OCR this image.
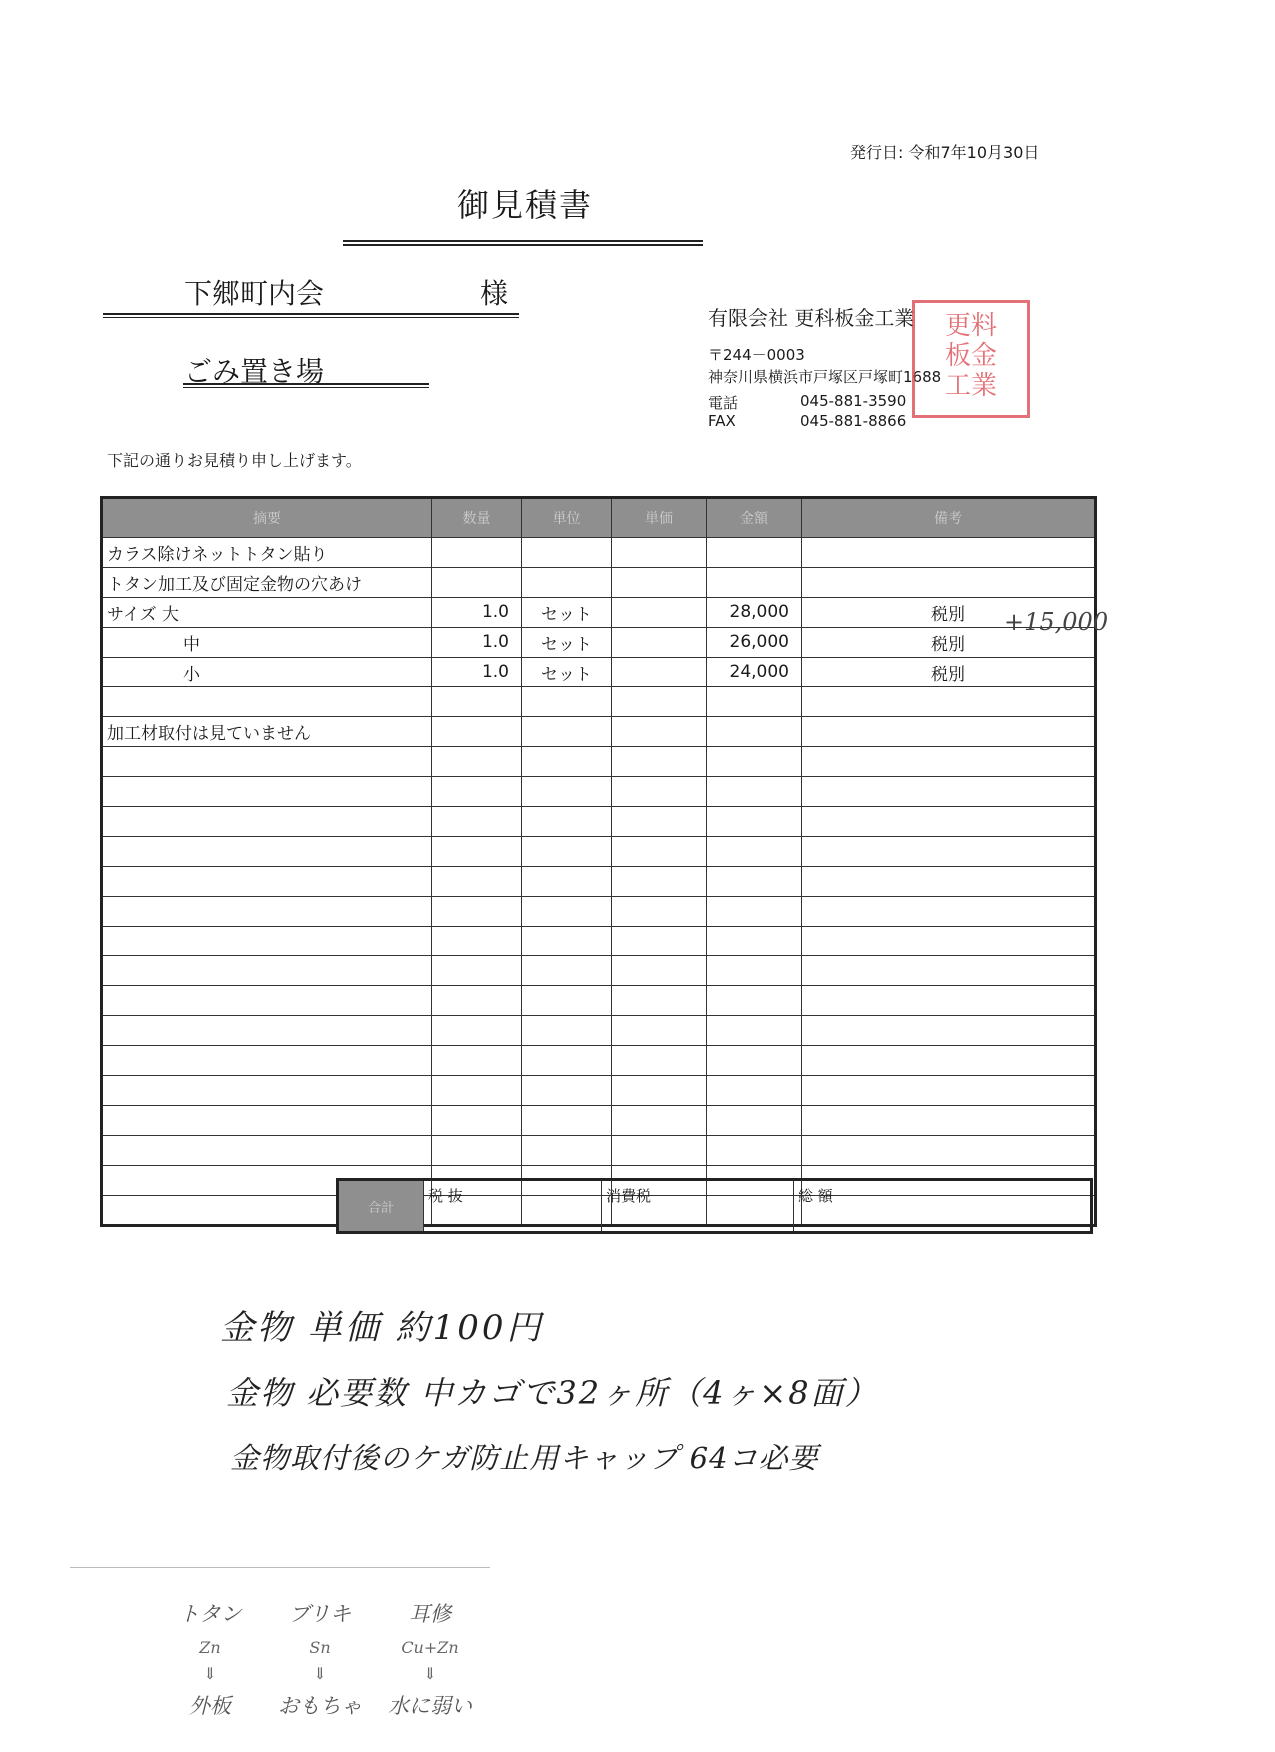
発行日: 令和7年10月30日
御見積書
下郷町内会	様
ごみ置き場
有限会社 更科板金工業
〒244－0003
神奈川県横浜市戸塚区戸塚町1688
電話	045-881-3590
FAX	045-881-8866
更料
板金
工業
下記の通りお見積り申し上げます。
摘要	数量	単位	単価	金額	備考
カラス除けネットトタン貼り					
トタン加工及び固定金物の穴あけ					
サイズ 大	1.0	セット		28,000	税別
中	1.0	セット		26,000	税別
小	1.0	セット		24,000	税別

加工材取付は見ていません					

合計	税 抜	消費税	総 額
+15,000
金物 単価 約100円
金物 必要数 中カゴで32ヶ所（4ヶ×8面）
金物取付後のケガ防止用キャップ 64コ必要
トタン	ブリキ	耳修
Zn	Sn	Cu+Zn
⇓	⇓	⇓
外板	おもちゃ	水に弱い
